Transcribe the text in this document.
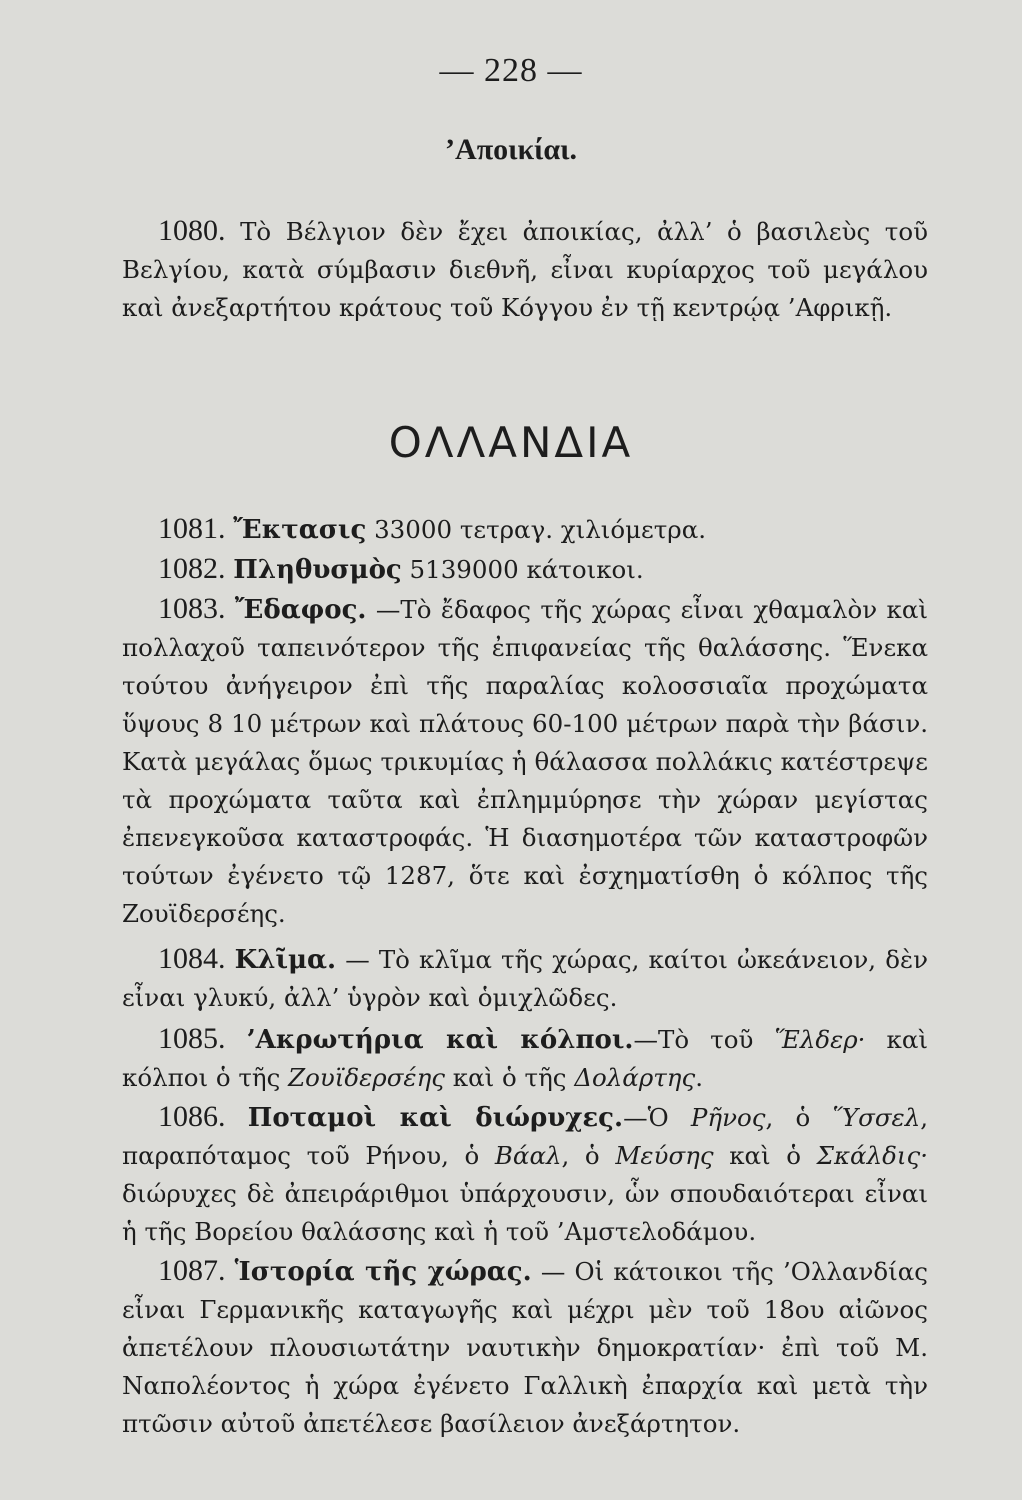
— 228 —
’Αποικίαι.

1080. Τὸ Βέλγιον δὲν ἔχει ἀποικίας, ἀλλ’ ὁ βασιλεὺς τοῦ Βελγίου, κατὰ σύμβασιν διεθνῆ, εἶναι κυρίαρχος τοῦ μεγάλου καὶ ἀνεξαρτήτου κράτους τοῦ Κόγγου ἐν τῇ κεντρῴᾳ ’Αφρικῇ.

ΟΛΛΑΝΔΙΑ

1081. Ἔκτασις 33000 τετραγ. χιλιόμετρα.

1082. Πληθυσμὸς 5139000 κάτοικοι.

1083. Ἔδαφος. —Τὸ ἔδαφος τῆς χώρας εἶναι χθαμαλὸν καὶ πολλαχοῦ ταπεινότερον τῆς ἐπιφανείας τῆς θαλάσσης. Ἕνεκα τούτου ἀνήγειρον ἐπὶ τῆς παραλίας κολοσσιαῖα προχώματα ὕψους 8 10 μέτρων καὶ πλάτους 60-100 μέτρων παρὰ τὴν βάσιν. Κατὰ μεγάλας ὅμως τρικυμίας ἡ θάλασσα πολλάκις κατέστρεψε τὰ προχώματα ταῦτα καὶ ἐπλημμύρησε τὴν χώραν μεγίστας ἐπενεγκοῦσα καταστροφάς. Ἡ διασημοτέρα τῶν καταστροφῶν τούτων ἐγένετο τῷ 1287, ὅτε καὶ ἐσχηματίσθη ὁ κόλπος τῆς Ζουϊδερσέης.

1084. Κλῖμα. — Τὸ κλῖμα τῆς χώρας, καίτοι ὠκεάνειον, δὲν εἶναι γλυκύ, ἀλλ’ ὑγρὸν καὶ ὁμιχλῶδες.

1085. ’Ακρωτήρια καὶ κόλποι.—Τὸ τοῦ Ἕλδερ· καὶ κόλποι ὁ τῆς Ζουϊδερσέης καὶ ὁ τῆς Δολάρτης.

1086. Ποταμοὶ καὶ διώρυχες.—Ὁ Ρῆνος, ὁ Ὕσσελ, παραπόταμος τοῦ Ρήνου, ὁ Βάαλ, ὁ Μεύσης καὶ ὁ Σκάλδις· διώρυχες δὲ ἀπειράριθμοι ὑπάρχουσιν, ὧν σπουδαιότεραι εἶναι ἡ τῆς Βορείου θαλάσσης καὶ ἡ τοῦ ’Αμστελοδάμου.

1087. Ἱστορία τῆς χώρας. — Οἱ κάτοικοι τῆς ’Ολλανδίας εἶναι Γερμανικῆς καταγωγῆς καὶ μέχρι μὲν τοῦ 18ου αἰῶνος ἀπετέλουν πλουσιωτάτην ναυτικὴν δημοκρατίαν· ἐπὶ τοῦ Μ. Ναπολέοντος ἡ χώρα ἐγένετο Γαλλικὴ ἐπαρχία καὶ μετὰ τὴν πτῶσιν αὐτοῦ ἀπετέλεσε βασίλειον ἀνεξάρτητον.
